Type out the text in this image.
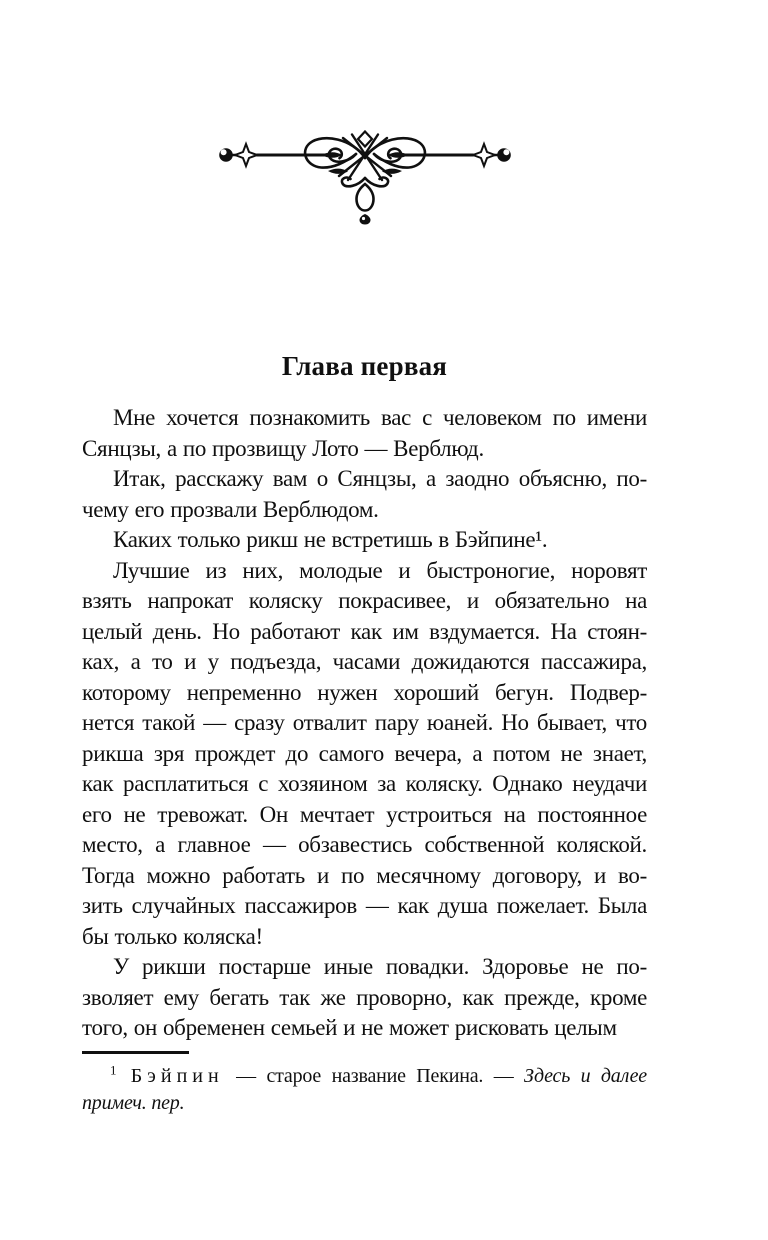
Глава первая
Мне хочется познакомить вас с человеком по имени
Сянцзы, а по прозвищу Лото — Верблюд.
Итак, расскажу вам о Сянцзы, а заодно объясню, по-
чему его прозвали Верблюдом.
Каких только рикш не встретишь в Бэйпине¹.
Лучшие из них, молодые и быстроногие, норовят
взять напрокат коляску покрасивее, и обязательно на
целый день. Но работают как им вздумается. На стоян-
ках, а то и у подъезда, часами дожидаются пассажира,
которому непременно нужен хороший бегун. Подвер-
нется такой — сразу отвалит пару юаней. Но бывает, что
рикша зря прождет до самого вечера, а потом не знает,
как расплатиться с хозяином за коляску. Однако неудачи
его не тревожат. Он мечтает устроиться на постоянное
место, а главное — обзавестись собственной коляской.
Тогда можно работать и по месячному договору, и во-
зить случайных пассажиров — как душа пожелает. Была
бы только коляска!
У рикши постарше иные повадки. Здоровье не по-
зволяет ему бегать так же проворно, как прежде, кроме
того, он обременен семьей и не может рисковать целым
$^1$ Бэйпин — старое название Пекина. — Здесь и далее
примеч. пер.
